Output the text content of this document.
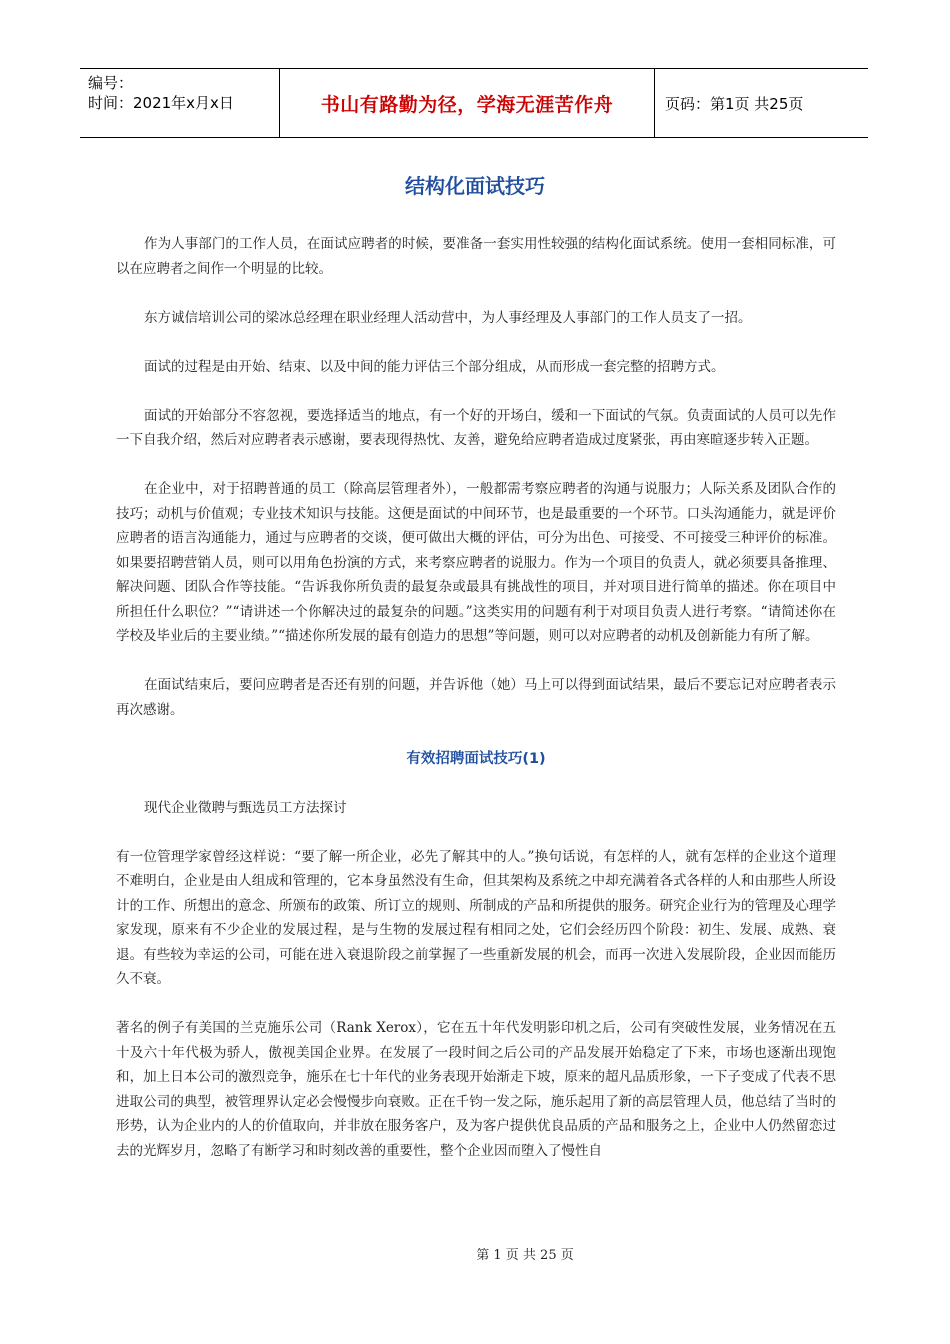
编号：
时间：2021年x月x日	书山有路勤为径，学海无涯苦作舟	页码：第1页 共25页
结构化面试技巧

作为人事部门的工作人员，在面试应聘者的时候，要准备一套实用性较强的结构化面试系统。使用一套相同标准，可以在应聘者之间作一个明显的比较。

东方诚信培训公司的梁冰总经理在职业经理人活动营中，为人事经理及人事部门的工作人员支了一招。

面试的过程是由开始、结束、以及中间的能力评估三个部分组成，从而形成一套完整的招聘方式。

面试的开始部分不容忽视，要选择适当的地点，有一个好的开场白，缓和一下面试的气氛。负责面试的人员可以先作一下自我介绍，然后对应聘者表示感谢，要表现得热忱、友善，避免给应聘者造成过度紧张，再由寒暄逐步转入正题。

在企业中，对于招聘普通的员工（除高层管理者外），一般都需考察应聘者的沟通与说服力；人际关系及团队合作的技巧；动机与价值观；专业技术知识与技能。这便是面试的中间环节，也是最重要的一个环节。口头沟通能力，就是评价应聘者的语言沟通能力，通过与应聘者的交谈，便可做出大概的评估，可分为出色、可接受、不可接受三种评价的标准。如果要招聘营销人员，则可以用角色扮演的方式，来考察应聘者的说服力。作为一个项目的负责人，就必须要具备推理、解决问题、团队合作等技能。“告诉我你所负责的最复杂或最具有挑战性的项目，并对项目进行简单的描述。你在项目中所担任什么职位？”“请讲述一个你解决过的最复杂的问题。”这类实用的问题有利于对项目负责人进行考察。“请简述你在学校及毕业后的主要业绩。”“描述你所发展的最有创造力的思想”等问题，则可以对应聘者的动机及创新能力有所了解。

在面试结束后，要问应聘者是否还有别的问题，并告诉他（她）马上可以得到面试结果，最后不要忘记对应聘者表示再次感谢。

有效招聘面试技巧(1)

现代企业徵聘与甄选员工方法探讨

有一位管理学家曾经这样说：“要了解一所企业，必先了解其中的人。”换句话说，有怎样的人，就有怎样的企业这个道理不难明白，企业是由人组成和管理的，它本身虽然没有生命，但其架构及系统之中却充满着各式各样的人和由那些人所设计的工作、所想出的意念、所颁布的政策、所订立的规则、所制成的产品和所提供的服务。研究企业行为的管理及心理学家发现，原来有不少企业的发展过程，是与生物的发展过程有相同之处，它们会经历四个阶段：初生、发展、成熟、衰退。有些较为幸运的公司，可能在进入衰退阶段之前掌握了一些重新发展的机会，而再一次进入发展阶段，企业因而能历久不衰。

著名的例子有美国的兰克施乐公司（Rank Xerox），它在五十年代发明影印机之后，公司有突破性发展，业务情况在五十及六十年代极为骄人，傲视美国企业界。在发展了一段时间之后公司的产品发展开始稳定了下来，市场也逐渐出现饱和，加上日本公司的激烈竞争，施乐在七十年代的业务表现开始渐走下坡，原来的超凡品质形象，一下子变成了代表不思进取公司的典型，被管理界认定必会慢慢步向衰败。正在千钧一发之际，施乐起用了新的高层管理人员，他总结了当时的形势，认为企业内的人的价值取向，并非放在服务客户，及为客户提供优良品质的产品和服务之上，企业中人仍然留恋过去的光辉岁月，忽略了有断学习和时刻改善的重要性，整个企业因而堕入了慢性自

第 1 页 共 25 页
